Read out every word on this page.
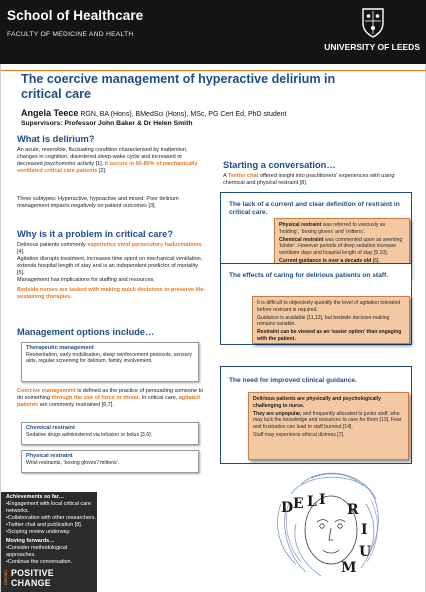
School of Healthcare
FACULTY OF MEDICINE AND HEALTH
UNIVERSITY OF LEEDS
The coercive management of hyperactive delirium in
critical care
Angela Teece RGN, BA (Hons), BMedSci (Hons), MSc, PG Cert Ed, PhD student
Supervisors: Professor John Baker & Dr Helen Smith
What is delirium?
An acute, reversible, fluctuating condition characterised by inattention, changes in cognition, disordered sleep-wake cycle and increased or decreased psychomotor activity [1]. It occurs in 60-80% of mechanically ventilated critical care patients [2].
Three subtypes: Hyperactive, hypoactive and mixed. Poor delirium management impacts negatively on patient outcomes [3].
Why is it a problem in critical care?
Delirious patients commonly experience vivid persecutory hallucinations [4].
Agitation disrupts treatment, increases time spent on mechanical ventilation, extends hospital length of stay and is an independent predictor of mortality [5].
Management has implications for staffing and resources.
Bedside nurses are tasked with making quick decisions to preserve life-sustaining therapies.
Management options include…
Therapeutic management
Reorientation, early mobilisation, sleep reinforcement protocols, sensory aids, regular screening for delirium, family involvement.
Coercive management is defined as the practice of persuading someone to do something through the use of force or threat. In critical care, agitated patients are commonly restrained [6,7].
Chemical restraint
Sedative drugs administered via infusion or bolus [3,6].
Physical restraint
Wrist restraints, ‘boxing gloves’/‘mittens’.
Achievements so far…
•Engagement with local critical care networks.
•Collaboration with other researchers.
•Twitter chat and publication [8].
•Scoping review underway.
Moving forwards…
•Consider methodological approaches.
•Continue the conversation.
DRIVING POSITIVE
CHANGE
Starting a conversation…
A Twitter chat offered insight into practitioners’ experiences with using chemical and physical restraint [8].
The lack of a current and clear definition of restraint in critical care.
Physical restraint was referred to variously as ‘holding’, ‘boxing gloves’ and ‘mittens’.
Chemical restraint was commented upon as seeming ‘kinder’. However periods of deep sedation increase ventilator days and hospital length of stay [9,10].
Current guidance is over a decade old [6].
The effects of caring for delirious patients on staff.
It is difficult to objectively quantify the level of agitation tolerated before restraint is required.
Guidance is available [11,12], but bedside decision-making remains variable.
Restraint can be viewed as an ‘easier option’ than engaging with the patient.
The need for improved clinical guidance.
Delirious patients are physically and psychologically challenging to nurse.
They are unpopular, and frequently allocated to junior staff, who may lack the knowledge and resources to care for them [13]. Fear and frustration can lead to staff burnout [14].
Staff may experience ethical distress [7].
D E L I
R
I
U
M
